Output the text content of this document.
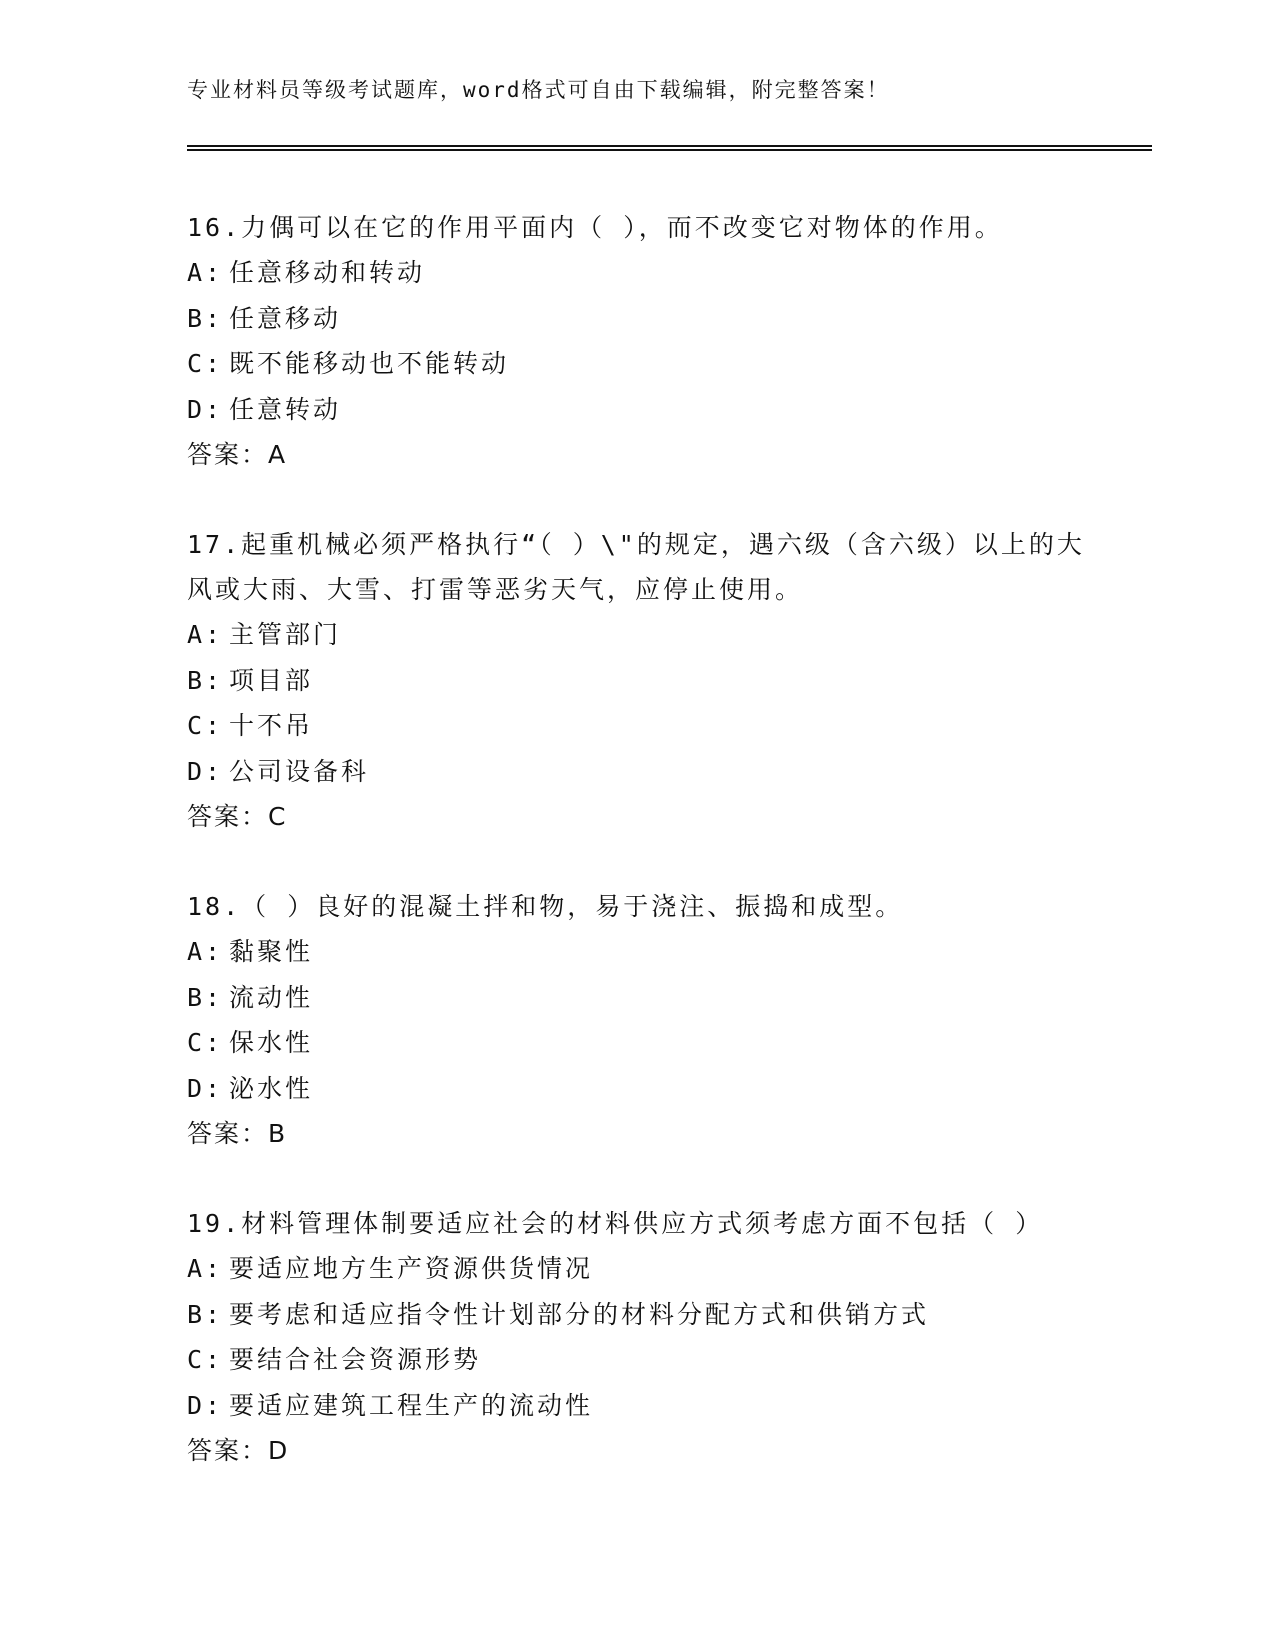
专业材料员等级考试题库，word格式可自由下载编辑，附完整答案！

16.力偶可以在它的作用平面内（ ），而不改变它对物体的作用。

A: 任意移动和转动
B: 任意移动
C: 既不能移动也不能转动
D: 任意转动
答案：A

17.起重机械必须严格执行“（ ）\"的规定，遇六级（含六级）以上的大风或大雨、大雪、打雷等恶劣天气，应停止使用。

A: 主管部门
B: 项目部
C: 十不吊
D: 公司设备科
答案：C

18.（ ）良好的混凝土拌和物，易于浇注、振捣和成型。

A: 黏聚性
B: 流动性
C: 保水性
D: 泌水性
答案：B

19.材料管理体制要适应社会的材料供应方式须考虑方面不包括（ ）

A: 要适应地方生产资源供货情况
B: 要考虑和适应指令性计划部分的材料分配方式和供销方式
C: 要结合社会资源形势
D: 要适应建筑工程生产的流动性
答案：D
